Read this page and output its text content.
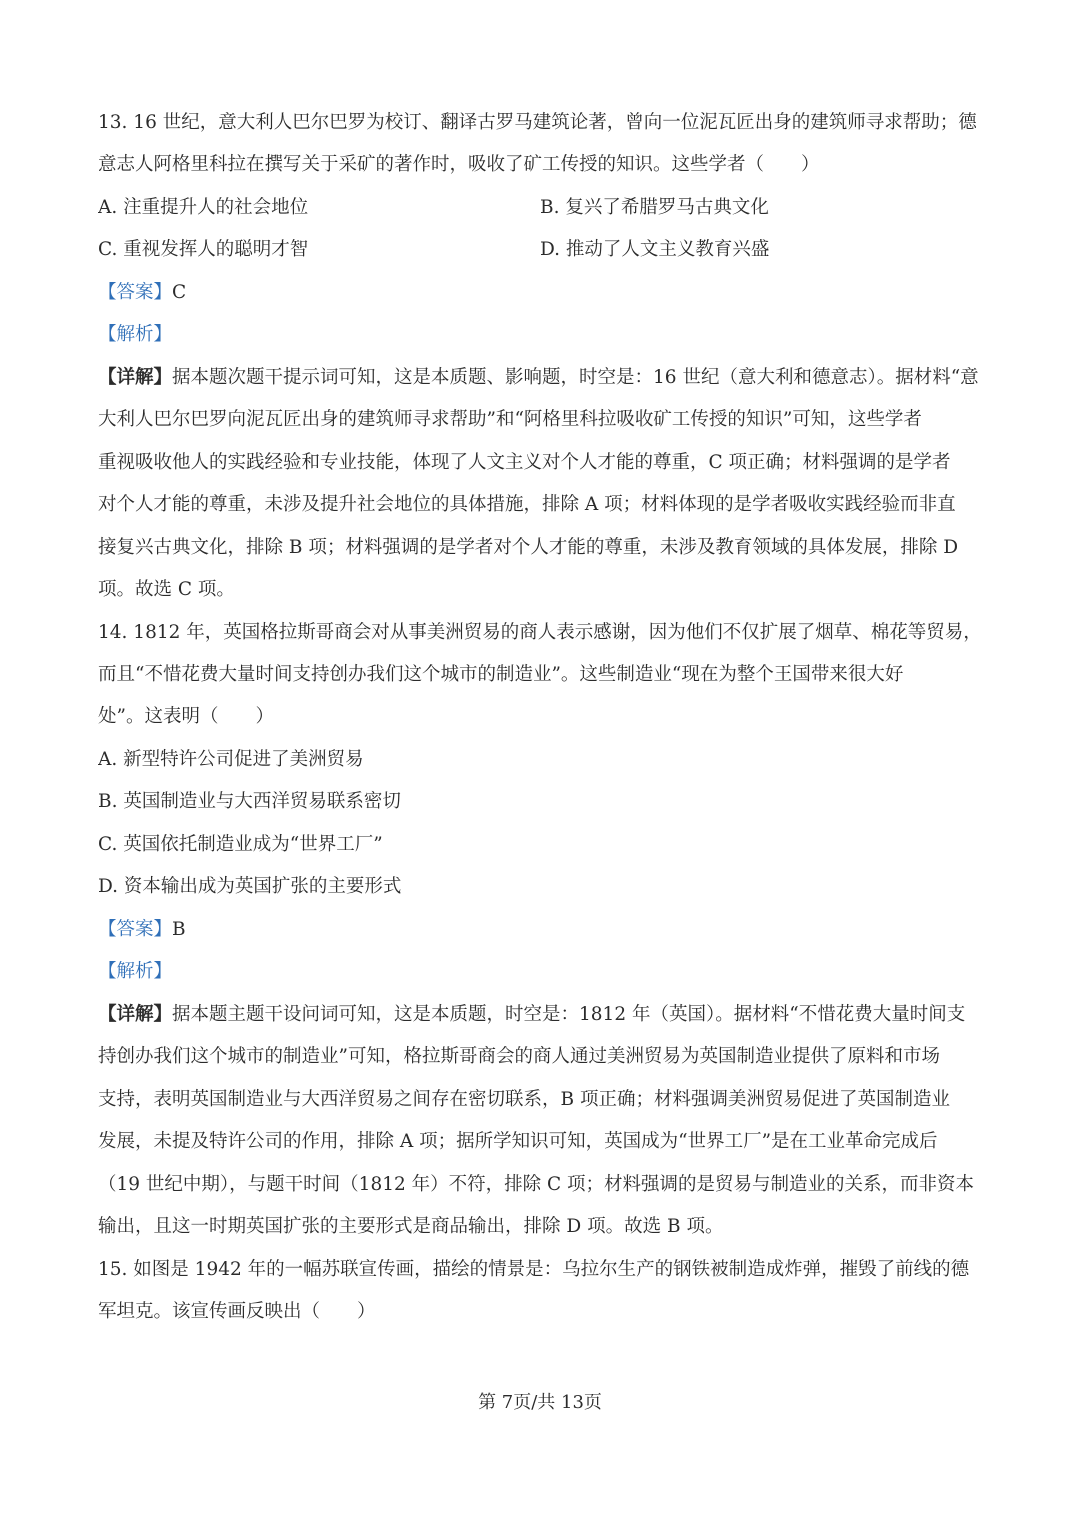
13. 16 世纪，意大利人巴尔巴罗为校订、翻译古罗马建筑论著，曾向一位泥瓦匠出身的建筑师寻求帮助；德
意志人阿格里科拉在撰写关于采矿的著作时，吸收了矿工传授的知识。这些学者（　　）
A. 注重提升人的社会地位	B. 复兴了希腊罗马古典文化
C. 重视发挥人的聪明才智	D. 推动了人文主义教育兴盛
【答案】C
【解析】
【详解】据本题次题干提示词可知，这是本质题、影响题，时空是：16 世纪（意大利和德意志）。据材料“意
大利人巴尔巴罗向泥瓦匠出身的建筑师寻求帮助”和“阿格里科拉吸收矿工传授的知识”可知，这些学者
重视吸收他人的实践经验和专业技能，体现了人文主义对个人才能的尊重，C 项正确；材料强调的是学者
对个人才能的尊重，未涉及提升社会地位的具体措施，排除 A 项；材料体现的是学者吸收实践经验而非直
接复兴古典文化，排除 B 项；材料强调的是学者对个人才能的尊重，未涉及教育领域的具体发展，排除 D
项。故选 C 项。
14. 1812 年，英国格拉斯哥商会对从事美洲贸易的商人表示感谢，因为他们不仅扩展了烟草、棉花等贸易，
而且“不惜花费大量时间支持创办我们这个城市的制造业”。这些制造业“现在为整个王国带来很大好
处”。这表明（　　）
A. 新型特许公司促进了美洲贸易
B. 英国制造业与大西洋贸易联系密切
C. 英国依托制造业成为“世界工厂”
D. 资本输出成为英国扩张的主要形式
【答案】B
【解析】
【详解】据本题主题干设问词可知，这是本质题，时空是：1812 年（英国）。据材料“不惜花费大量时间支
持创办我们这个城市的制造业”可知，格拉斯哥商会的商人通过美洲贸易为英国制造业提供了原料和市场
支持，表明英国制造业与大西洋贸易之间存在密切联系，B 项正确；材料强调美洲贸易促进了英国制造业
发展，未提及特许公司的作用，排除 A 项；据所学知识可知，英国成为“世界工厂”是在工业革命完成后
（19 世纪中期），与题干时间（1812 年）不符，排除 C 项；材料强调的是贸易与制造业的关系，而非资本
输出，且这一时期英国扩张的主要形式是商品输出，排除 D 项。故选 B 项。
15. 如图是 1942 年的一幅苏联宣传画，描绘的情景是：乌拉尔生产的钢铁被制造成炸弹，摧毁了前线的德
军坦克。该宣传画反映出（　　）
第 7页/共 13页
